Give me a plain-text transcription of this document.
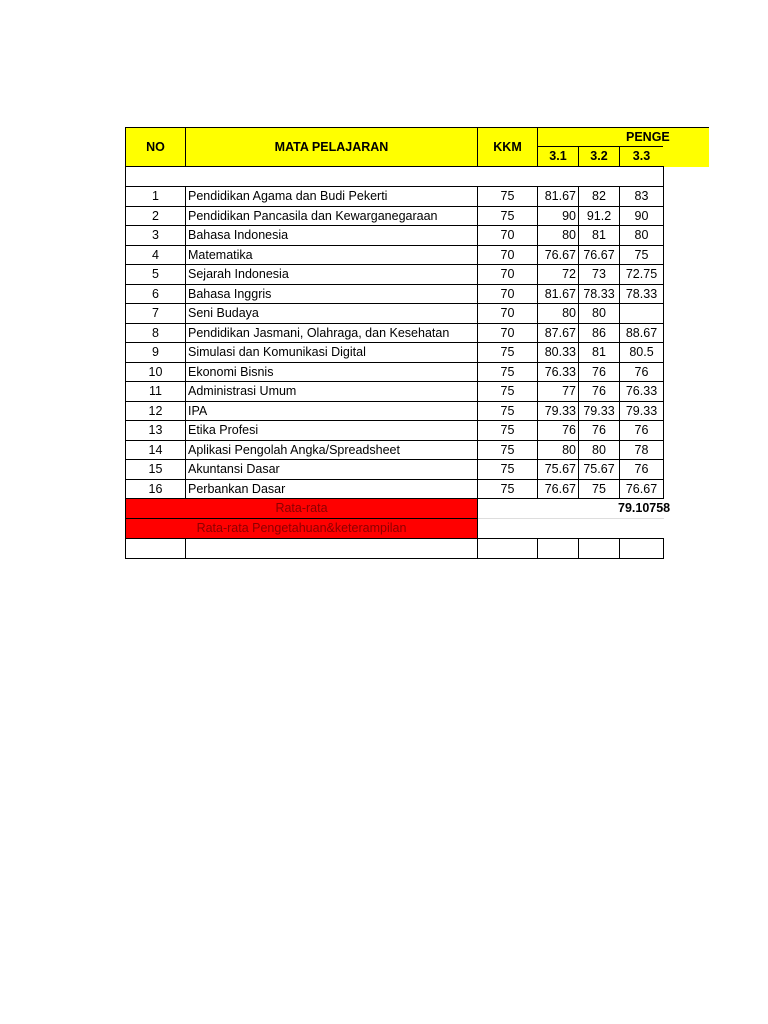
NO	MATA PELAJARAN	KKM
PENGE
3.1	3.2	3.3
1	Pendidikan Agama dan Budi Pekerti	75	81.67	82	83
2	Pendidikan Pancasila dan Kewarganegaraan	75	90 91.2	90
3	Bahasa Indonesia	70	80	81	80
4	Matematika	70	76.67 76.67	75
5	Sejarah Indonesia	70	72	73	72.75
6	Bahasa Inggris	70	81.67 78.33 78.33
7	Seni Budaya	70	80	80
8	Pendidikan Jasmani, Olahraga, dan Kesehatan	70	87.67	86	88.67
9	Simulasi dan Komunikasi Digital	75	80.33	81	80.5
10	Ekonomi Bisnis	75	76.33	76	76
11	Administrasi Umum	75	77	76	76.33
12	IPA	75	79.33 79.33 79.33
13	Etika Profesi	75	76	76	76
14	Aplikasi Pengolah Angka/Spreadsheet	75	80	80	78
15	Akuntansi Dasar	75	75.67 75.67	76
16	Perbankan Dasar	75	76.67	75	76.67
Rata-rata	79.10758
Rata-rata Pengetahuan&keterampilan
